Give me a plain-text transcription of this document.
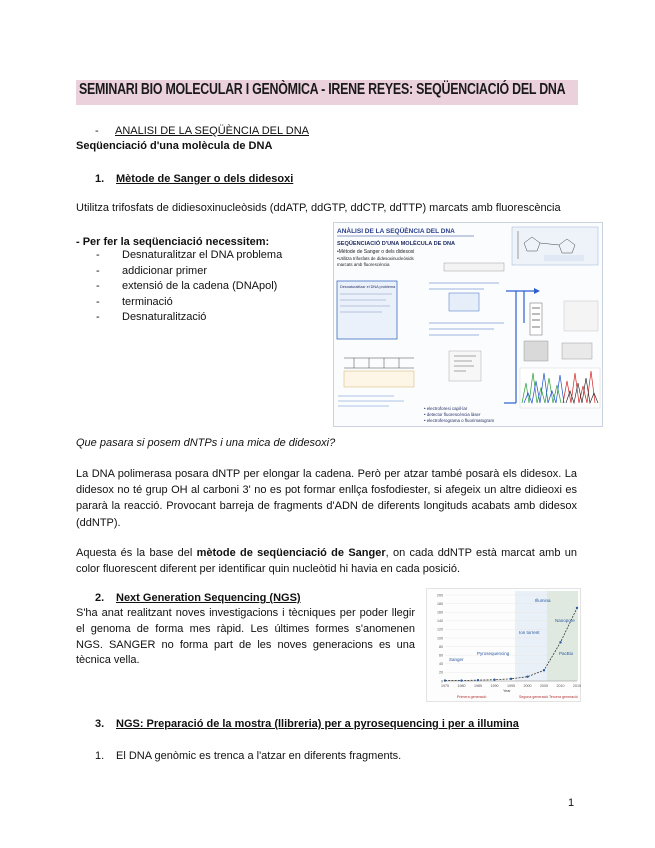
SEMINARI BIO MOLECULAR I GENÒMICA - IRENE REYES: SEQÜENCIACIÓ DEL DNA
- ANALISI DE LA SEQÜÈNCIA DEL DNA
Seqüenciació d'una molècula de DNA
1. Mètode de Sanger o dels didesoxi
Utilitza trifosfats de didiesoxinucleòsids (ddATP, ddGTP, ddCTP, ddTTP) marcats amb fluorescència
- Per fer la seqüenciació necessitem:
- Desnaturalitzar el DNA problema
- addicionar primer
- extensió de la cadena (DNApol)
- terminació
- Desnaturalització
ANÀLISI DE LA SEQÜÈNCIA DEL DNA
SEQÜENCIACIÓ D'UNA MOLÈCULA DE DNA
•Mètode de Sanger o dels didesoxi
•Utilitza trifosfats de didesoxinucleòsids
marcats amb fluorescència
Desnaturalitzar el DNA problema
• electroforesi capil·lar
• detector fluorescència làser
• electroferograma o fluorimatogram
Que pasara si posem dNTPs i una mica de didesoxi?
La DNA polimerasa posara dNTP per elongar la cadena. Però per atzar també posarà els didesox. La didesox no té grup OH al carboni 3' no es pot formar enllça fosfodiester, si afegeix un altre didieoxi es pararà la reacció. Provocant barreja de fragments d'ADN de diferents longituds acabats amb didesox (ddNTP).
Aquesta és la base del mètode de seqüenciació de Sanger, on cada ddNTP està marcat amb un color fluorescent diferent per identificar quin nucleòtid hi havia en cada posició.
2. Next Generation Sequencing (NGS)
S'ha anat realitzant noves investigacions i tècniques per poder llegir el genoma de forma mes ràpid. Les últimes formes s'anomenen NGS. SANGER no forma part de les noves generacions es una tècnica vella.
0
20
40
60
80
100
120
140
160
180
200
1975 1980 1985 1990 1995 2000 2005 2010 2015
Sanger
Pyrosequencing
Ion torrent
Illumina
Nanopore
PacBio
Year
Primera generació	Segona generació Tercera generació
3. NGS: Preparació de la mostra (llibreria) per a pyrosequencing i per a illumina
1. El DNA genòmic es trenca a l'atzar en diferents fragments.
1
